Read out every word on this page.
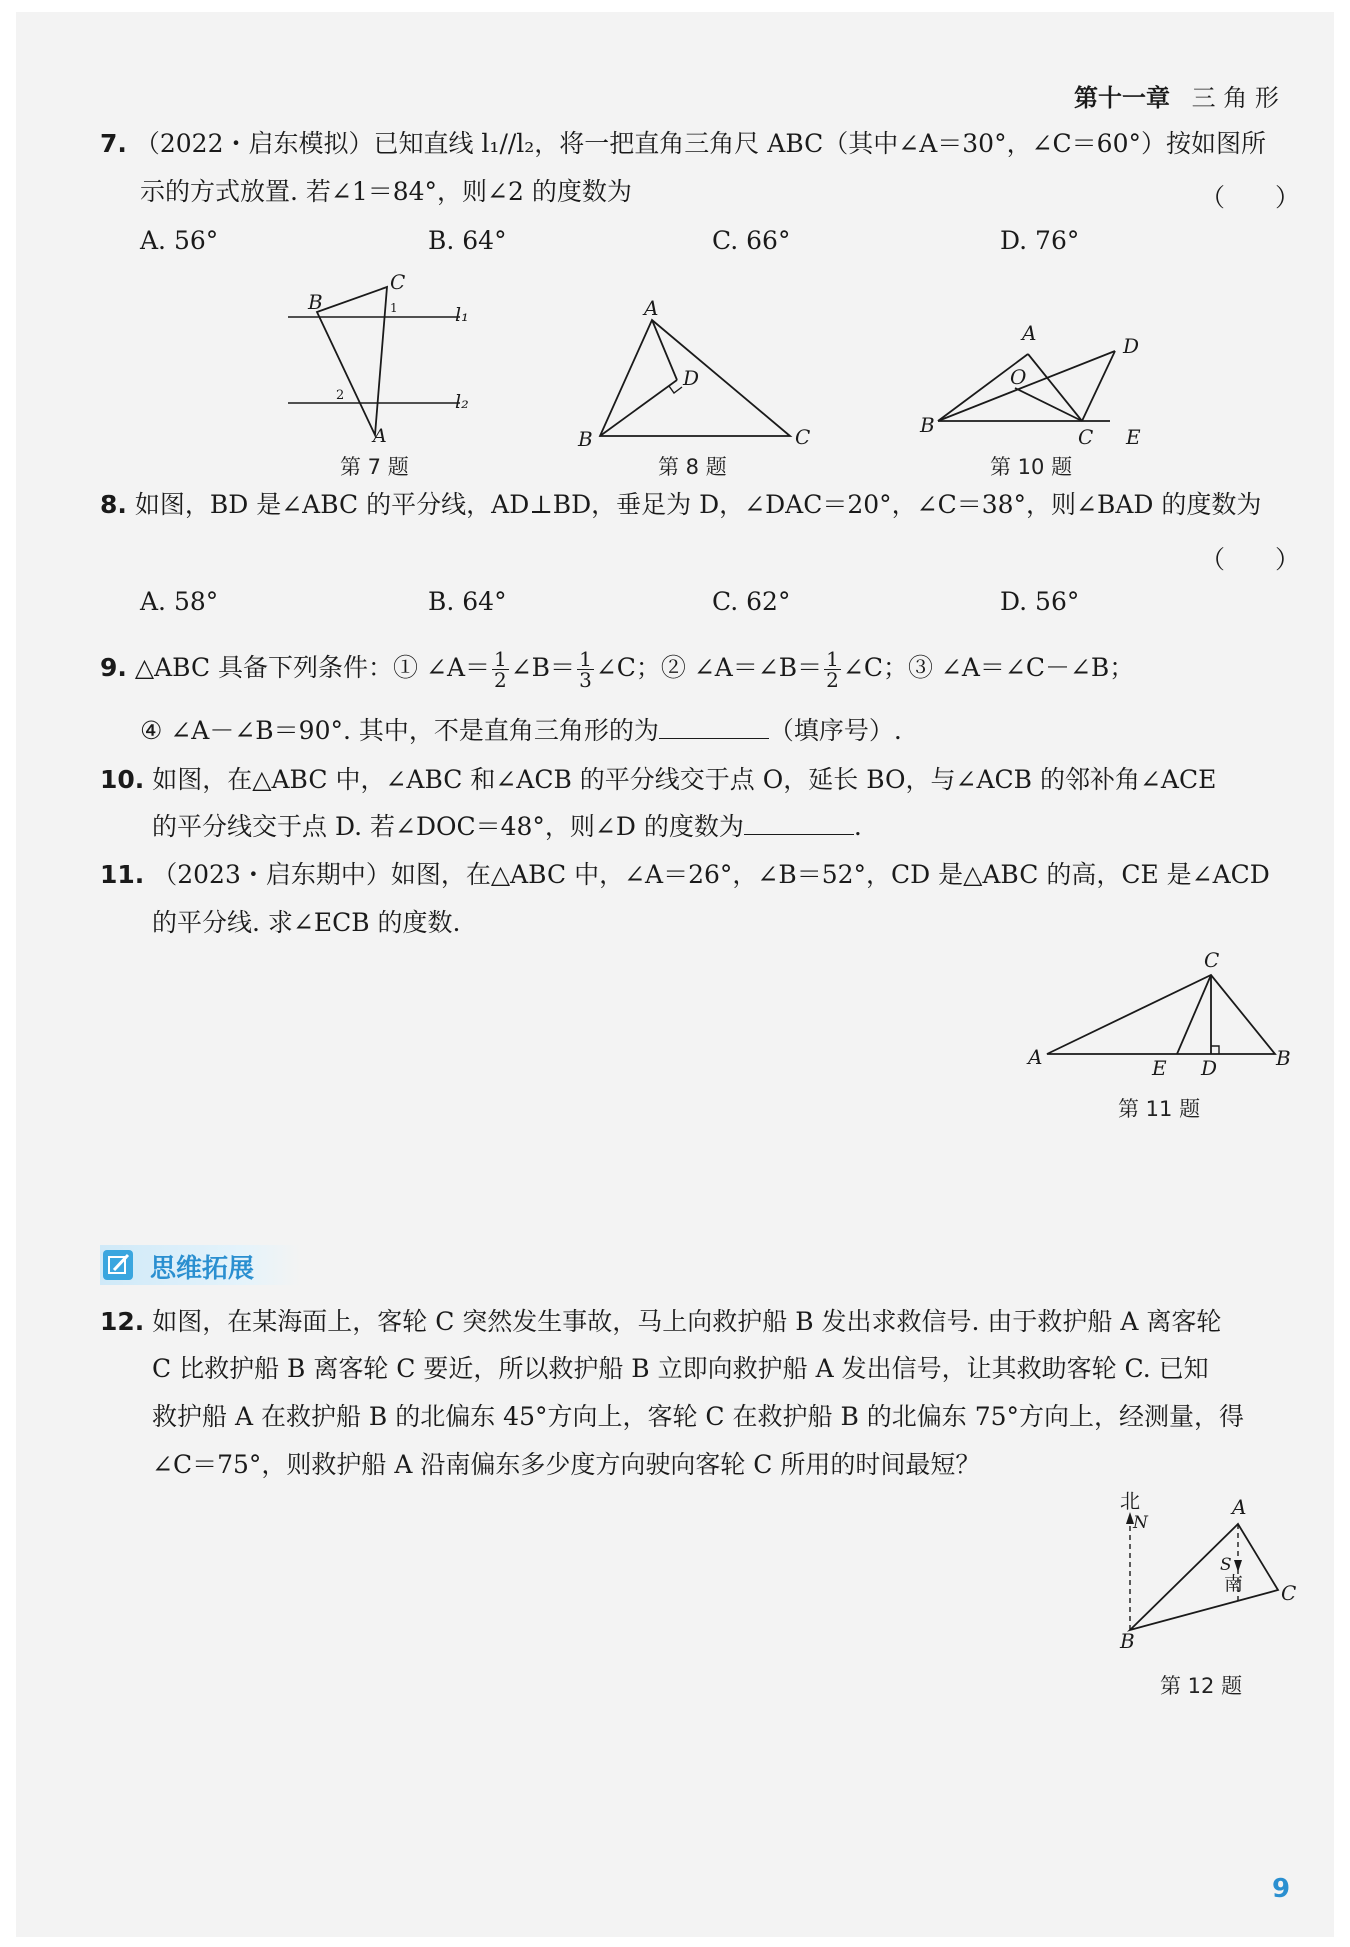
第十一章 三 角 形
7. （2022・启东模拟）已知直线 l₁//l₂，将一把直角三角尺 ABC（其中∠A＝30°，∠C＝60°）按如图所
示的方式放置. 若∠1＝84°，则∠2 的度数为	（　　）
A. 56°	B. 64°	C. 66°	D. 76°
B
C
1	l₁
l₂
2
A
第 7 题
A
D
B	C
第 8 题
A
D
O
B	C E
第 10 题
8. 如图，BD 是∠ABC 的平分线，AD⊥BD，垂足为 D，∠DAC＝20°，∠C＝38°，则∠BAD 的度数为
（　　）
A. 58°	B. 64°	C. 62°	D. 56°
9. △ABC 具备下列条件：① ∠A＝ $\frac{1}{2}$ ∠B＝ $\frac{1}{3}$ ∠C；② ∠A＝∠B＝ $\frac{1}{2}$ ∠C；③ ∠A＝∠C－∠B；
④ ∠A－∠B＝90°. 其中，不是直角三角形的为	（填序号）.
10. 如图，在△ABC 中，∠ABC 和∠ACB 的平分线交于点 O，延长 BO，与∠ACB 的邻补角∠ACE
的平分线交于点 D. 若∠DOC＝48°，则∠D 的度数为	.
11. （2023・启东期中）如图，在△ABC 中，∠A＝26°，∠B＝52°，CD 是△ABC 的高，CE 是∠ACD
的平分线. 求∠ECB 的度数.
C
A	E D	B
第 11 题
思维拓展
12. 如图，在某海面上，客轮 C 突然发生事故，马上向救护船 B 发出求救信号. 由于救护船 A 离客轮
C 比救护船 B 离客轮 C 要近，所以救护船 B 立即向救护船 A 发出信号，让其救助客轮 C. 已知
救护船 A 在救护船 B 的北偏东 45°方向上，客轮 C 在救护船 B 的北偏东 75°方向上，经测量，得
∠C＝75°，则救护船 A 沿南偏东多少度方向驶向客轮 C 所用的时间最短？
北
N
A
S
南 C
B
第 12 题
9
